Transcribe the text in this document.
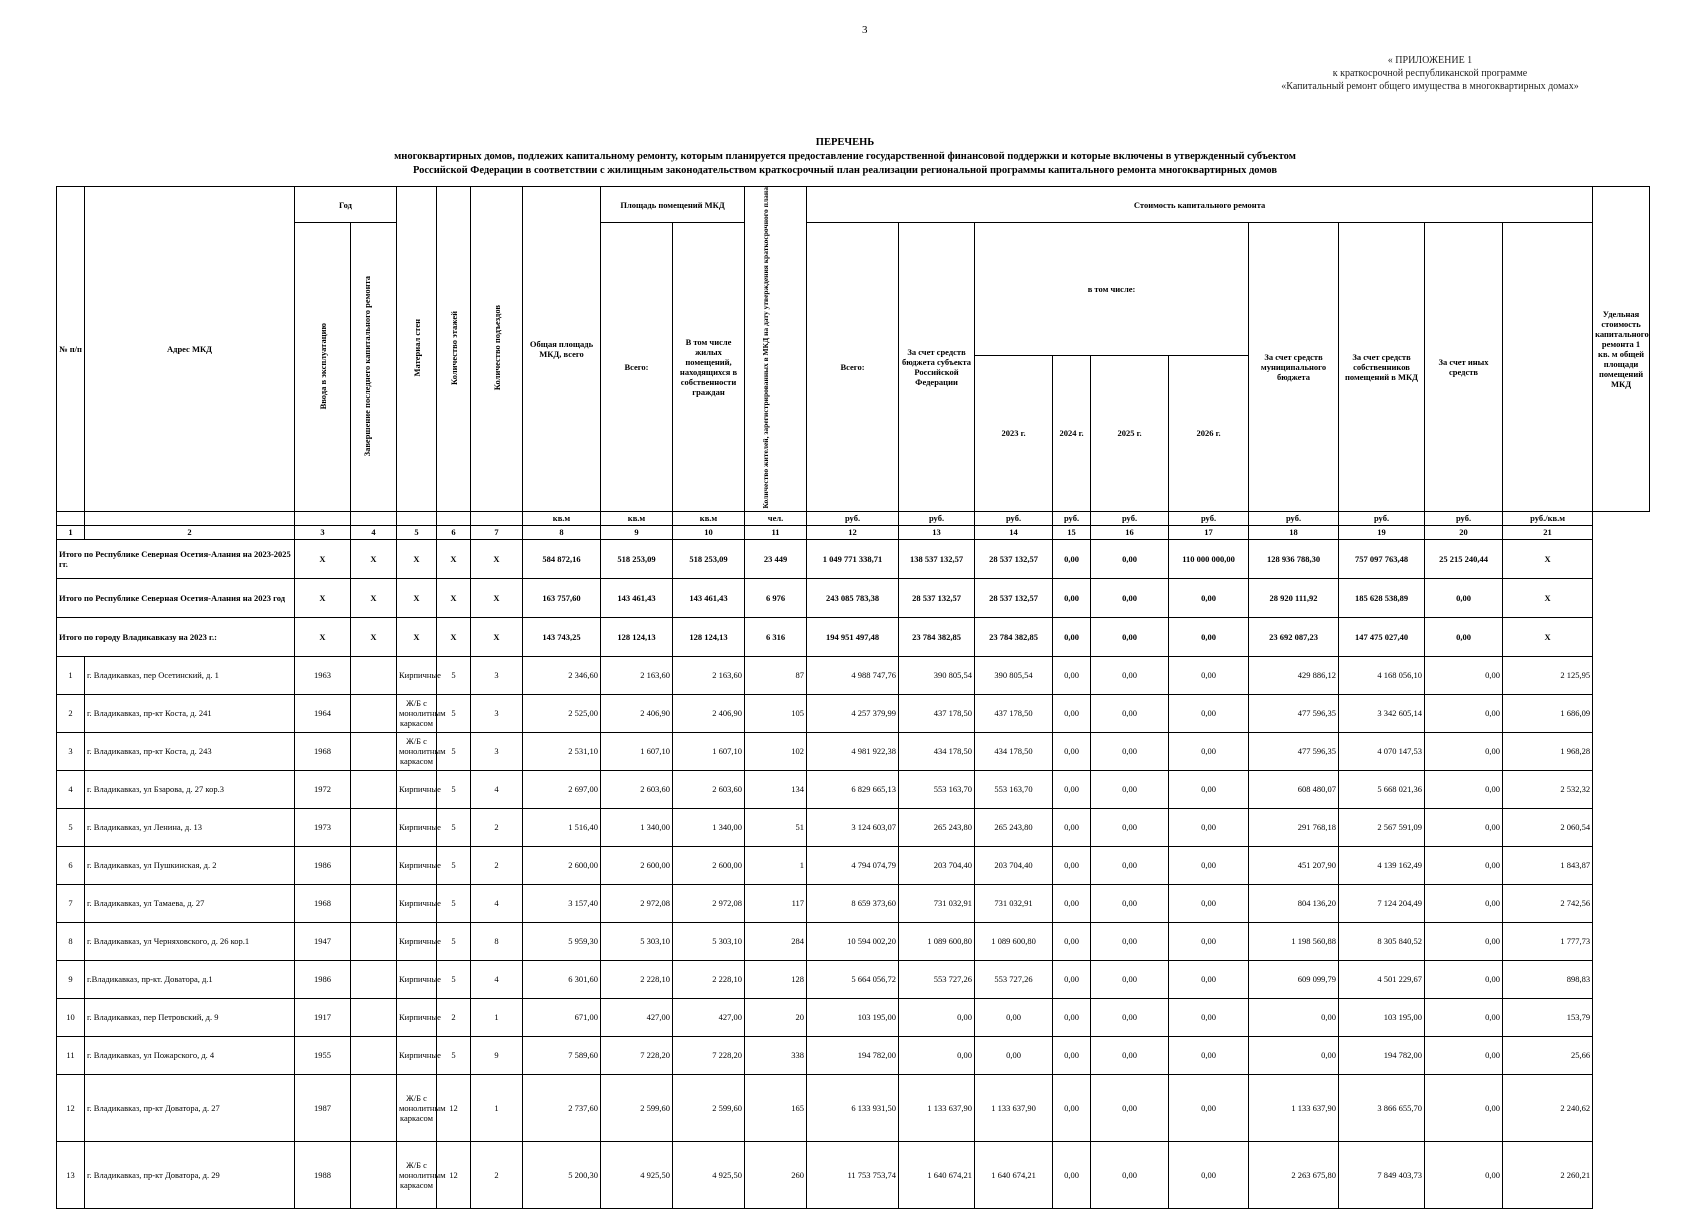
3
« ПРИЛОЖЕНИЕ 1
к краткосрочной республиканской программе
«Капитальный ремонт общего имущества в многоквартирных домах»
ПЕРЕЧЕНЬ
многоквартирных домов, подлежих капитальному ремонту, которым планируется предоставление государственной финансовой поддержки и которые включены в утвержденный субъектом
Российской Федерации в соответствии с жилищным законодательством краткосрочный план реализации региональной программы капитального ремонта многоквартирных домов
№ п/п	Адрес МКД	Год		Материал стен	Количество этажей	Количество подъездов	Общая площадь МКД, всего	Площадь помещений МКД		Количество жителей, зарегистрированных в МКД на дату утверждения краткосрочного плана	Стоимость капитального ремонта										Удельная стоимость капитального ремонта 1 кв. м общей площади помещений МКД
		Ввода в эксплуатацию	Завершение последнего капитального ремонта					Всего:	В том числе жилых помещений, находящихся в собственности граждан		Всего:	За счет средств бюджета субъекта Российской Федерации	в том числе:				За счет средств муниципального бюджета	За счет средств собственников помещений в МКД	За счет иных средств		
													2023 г.	2024 г.	2025 г.	2026 г.					
							кв.м	кв.м	кв.м	чел.	руб.	руб.	руб.	руб.	руб.	руб.	руб.	руб.	руб.	руб./кв.м	
1	2	3	4	5	6	7	8	9	10	11	12	13	14	15	16	17	18	19	20	21	
Итого по Республике Северная Осетия-Алания на 2023-2025 гг.		X	X	X	X	X	584 872,16	518 253,09	518 253,09	23 449	1 049 771 338,71	138 537 132,57	28 537 132,57	0,00	0,00	110 000 000,00	128 936 788,30	757 097 763,48	25 215 240,44	X	
Итого по Республике Северная Осетия-Алания на 2023 год		X	X	X	X	X	163 757,60	143 461,43	143 461,43	6 976	243 085 783,38	28 537 132,57	28 537 132,57	0,00	0,00	0,00	28 920 111,92	185 628 538,89	0,00	X	
Итого по городу Владикавказу на 2023 г.:		X	X	X	X	X	143 743,25	128 124,13	128 124,13	6 316	194 951 497,48	23 784 382,85	23 784 382,85	0,00	0,00	0,00	23 692 087,23	147 475 027,40	0,00	X	
1	г. Владикавказ, пер Осетинский, д. 1	1963		Кирпичные	5	3	2 346,60	2 163,60	2 163,60	87	4 988 747,76	390 805,54	390 805,54	0,00	0,00	0,00	429 886,12	4 168 056,10	0,00	2 125,95	
2	г. Владикавказ, пр-кт Коста, д. 241	1964		Ж/Б с монолитным каркасом	5	3	2 525,00	2 406,90	2 406,90	105	4 257 379,99	437 178,50	437 178,50	0,00	0,00	0,00	477 596,35	3 342 605,14	0,00	1 686,09	
3	г. Владикавказ, пр-кт Коста, д. 243	1968		Ж/Б с монолитным каркасом	5	3	2 531,10	1 607,10	1 607,10	102	4 981 922,38	434 178,50	434 178,50	0,00	0,00	0,00	477 596,35	4 070 147,53	0,00	1 968,28	
4	г. Владикавказ, ул Бзарова, д. 27 кор.3	1972		Кирпичные	5	4	2 697,00	2 603,60	2 603,60	134	6 829 665,13	553 163,70	553 163,70	0,00	0,00	0,00	608 480,07	5 668 021,36	0,00	2 532,32	
5	г. Владикавказ, ул Ленина, д. 13	1973		Кирпичные	5	2	1 516,40	1 340,00	1 340,00	51	3 124 603,07	265 243,80	265 243,80	0,00	0,00	0,00	291 768,18	2 567 591,09	0,00	2 060,54	
6	г. Владикавказ, ул Пушкинская, д. 2	1986		Кирпичные	5	2	2 600,00	2 600,00	2 600,00	1	4 794 074,79	203 704,40	203 704,40	0,00	0,00	0,00	451 207,90	4 139 162,49	0,00	1 843,87	
7	г. Владикавказ, ул Тамаева, д. 27	1968		Кирпичные	5	4	3 157,40	2 972,08	2 972,08	117	8 659 373,60	731 032,91	731 032,91	0,00	0,00	0,00	804 136,20	7 124 204,49	0,00	2 742,56	
8	г. Владикавказ, ул Черняховского, д. 26 кор.1	1947		Кирпичные	5	8	5 959,30	5 303,10	5 303,10	284	10 594 002,20	1 089 600,80	1 089 600,80	0,00	0,00	0,00	1 198 560,88	8 305 840,52	0,00	1 777,73	
9	г.Владикавказ, пр-кт. Доватора, д.1	1986		Кирпичные	5	4	6 301,60	2 228,10	2 228,10	128	5 664 056,72	553 727,26	553 727,26	0,00	0,00	0,00	609 099,79	4 501 229,67	0,00	898,83	
10	г. Владикавказ, пер Петровский, д. 9	1917		Кирпичные	2	1	671,00	427,00	427,00	20	103 195,00	0,00	0,00	0,00	0,00	0,00	0,00	103 195,00	0,00	153,79	
11	г. Владикавказ, ул Пожарского, д. 4	1955		Кирпичные	5	9	7 589,60	7 228,20	7 228,20	338	194 782,00	0,00	0,00	0,00	0,00	0,00	0,00	194 782,00	0,00	25,66	
12	г. Владикавказ, пр-кт Доватора, д. 27	1987		Ж/Б с монолитным каркасом	12	1	2 737,60	2 599,60	2 599,60	165	6 133 931,50	1 133 637,90	1 133 637,90	0,00	0,00	0,00	1 133 637,90	3 866 655,70	0,00	2 240,62	
13	г. Владикавказ, пр-кт Доватора, д. 29	1988		Ж/Б с монолитным каркасом	12	2	5 200,30	4 925,50	4 925,50	260	11 753 753,74	1 640 674,21	1 640 674,21	0,00	0,00	0,00	2 263 675,80	7 849 403,73	0,00	2 260,21	
